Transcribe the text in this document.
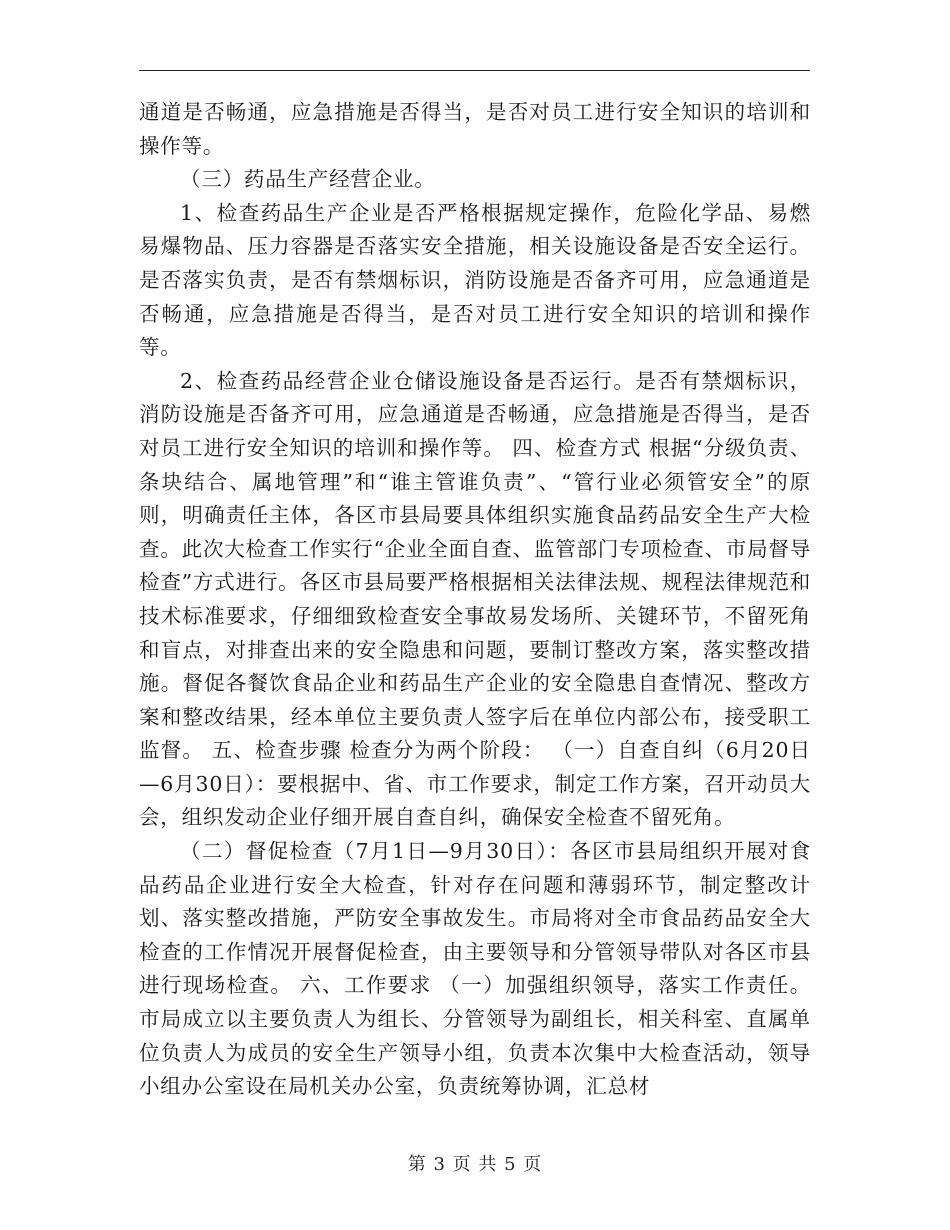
通道是否畅通，应急措施是否得当，是否对员工进行安全知识的培训和操作等。

（三）药品生产经营企业。

1、检查药品生产企业是否严格根据规定操作，危险化学品、易燃易爆物品、压力容器是否落实安全措施，相关设施设备是否安全运行。是否落实负责，是否有禁烟标识，消防设施是否备齐可用，应急通道是否畅通，应急措施是否得当，是否对员工进行安全知识的培训和操作等。

2、检查药品经营企业仓储设施设备是否运行。是否有禁烟标识，消防设施是否备齐可用，应急通道是否畅通，应急措施是否得当，是否对员工进行安全知识的培训和操作等。 四、检查方式 根据“分级负责、条块结合、属地管理”和“谁主管谁负责”、“管行业必须管安全”的原则，明确责任主体，各区市县局要具体组织实施食品药品安全生产大检查。此次大检查工作实行“企业全面自查、监管部门专项检查、市局督导检查”方式进行。各区市县局要严格根据相关法律法规、规程法律规范和技术标准要求，仔细细致检查安全事故易发场所、关键环节，不留死角和盲点，对排查出来的安全隐患和问题，要制订整改方案，落实整改措施。督促各餐饮食品企业和药品生产企业的安全隐患自查情况、整改方案和整改结果，经本单位主要负责人签字后在单位内部公布，接受职工监督。 五、检查步骤 检查分为两个阶段： （一）自查自纠（6月20日—6月30日）：要根据中、省、市工作要求，制定工作方案，召开动员大会，组织发动企业仔细开展自查自纠，确保安全检查不留死角。

（二）督促检查（7月1日—9月30日）：各区市县局组织开展对食品药品企业进行安全大检查，针对存在问题和薄弱环节，制定整改计划、落实整改措施，严防安全事故发生。市局将对全市食品药品安全大检查的工作情况开展督促检查，由主要领导和分管领导带队对各区市县进行现场检查。 六、工作要求 （一）加强组织领导，落实工作责任。市局成立以主要负责人为组长、分管领导为副组长，相关科室、直属单位负责人为成员的安全生产领导小组，负责本次集中大检查活动，领导小组办公室设在局机关办公室，负责统筹协调，汇总材

第 3 页 共 5 页
